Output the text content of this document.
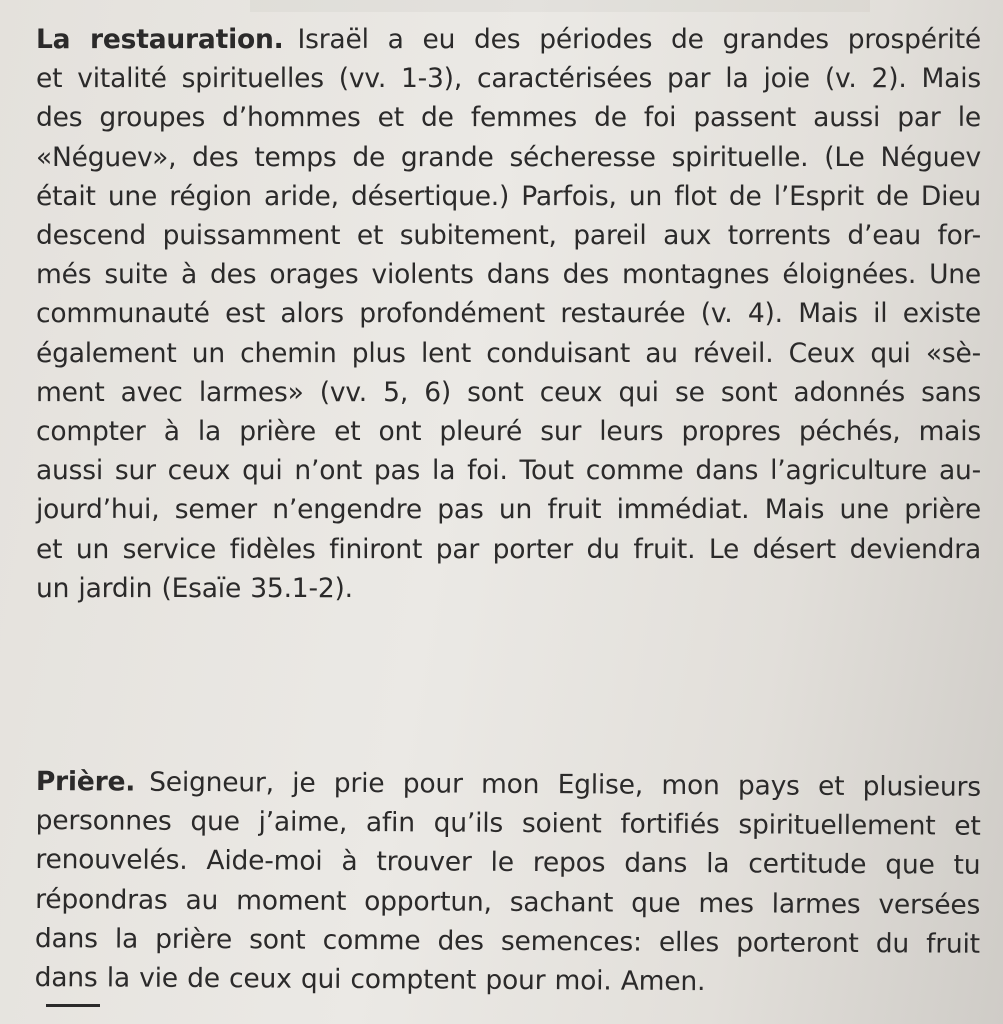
La restauration. Israël a eu des périodes de grandes prospérité
et vitalité spirituelles (vv. 1-3), caractérisées par la joie (v. 2). Mais
des groupes d’hommes et de femmes de foi passent aussi par le
«Néguev», des temps de grande sécheresse spirituelle. (Le Néguev
était une région aride, désertique.) Parfois, un flot de l’Esprit de Dieu
descend puissamment et subitement, pareil aux torrents d’eau for-
més suite à des orages violents dans des montagnes éloignées. Une
communauté est alors profondément restaurée (v. 4). Mais il existe
également un chemin plus lent conduisant au réveil. Ceux qui «sè-
ment avec larmes» (vv. 5, 6) sont ceux qui se sont adonnés sans
compter à la prière et ont pleuré sur leurs propres péchés, mais
aussi sur ceux qui n’ont pas la foi. Tout comme dans l’agriculture au-
jourd’hui, semer n’engendre pas un fruit immédiat. Mais une prière
et un service fidèles finiront par porter du fruit. Le désert deviendra
un jardin (Esaïe 35.1-2).
Prière. Seigneur, je prie pour mon Eglise, mon pays et plusieurs
personnes que j’aime, afin qu’ils soient fortifiés spirituellement et
renouvelés. Aide-moi à trouver le repos dans la certitude que tu
répondras au moment opportun, sachant que mes larmes versées
dans la prière sont comme des semences: elles porteront du fruit
dans la vie de ceux qui comptent pour moi. Amen.
